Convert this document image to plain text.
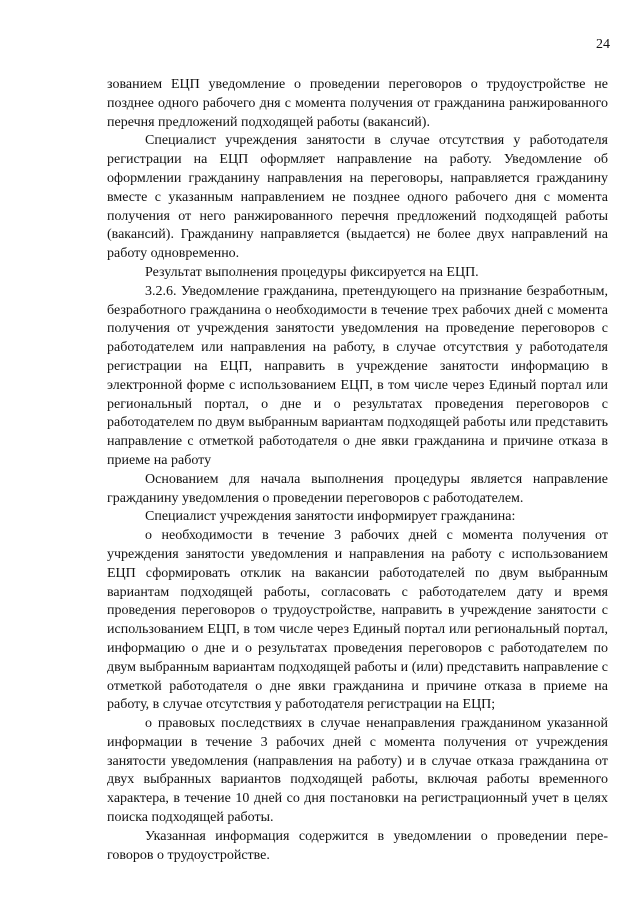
24

зованием ЕЦП уведомление о проведении переговоров о трудоустройстве не позднее одного рабочего дня с момента получения от гражданина ранжированного перечня предложений подходящей работы (вакансий).

Специалист учреждения занятости в случае отсутствия у работодателя регистрации на ЕЦП оформляет направление на работу. Уведомление об оформлении гражданину направления на переговоры, направляется гражданину вместе с указанным направлением не позднее одного рабочего дня с момента получения от него ранжированного перечня предложений подходящей работы (вакансий). Гражданину направляется (выдается) не более двух направлений на работу одновременно.

Результат выполнения процедуры фиксируется на ЕЦП.

3.2.6. Уведомление гражданина, претендующего на признание безработным, безработного гражданина о необходимости в течение трех рабочих дней с момента получения от учреждения занятости уведомления на проведение переговоров с работодателем или направления на работу, в случае отсутствия у работодателя регистрации на ЕЦП, направить в учреждение занятости информацию в электронной форме с использованием ЕЦП, в том числе через Единый портал или региональный портал, о дне и о результатах проведения переговоров с работодателем по двум выбранным вариантам подходящей работы или представить направление с отметкой работодателя о дне явки гражданина и причине отказа в приеме на работу

Основанием для начала выполнения процедуры является направление гражданину уведомления о проведении переговоров с работодателем.

Специалист учреждения занятости информирует гражданина:

о необходимости в течение 3 рабочих дней с момента получения от учреждения занятости уведомления и направления на работу с использованием ЕЦП сформировать отклик на вакансии работодателей по двум выбранным вариантам подходящей работы, согласовать с работодателем дату и время проведения переговоров о трудоустройстве, направить в учреждение занятости с использованием ЕЦП, в том числе через Единый портал или региональный портал, информацию о дне и о результатах проведения переговоров с работодателем по двум выбранным вариантам подходящей работы и (или) представить направление с отметкой работодателя о дне явки гражданина и причине отказа в приеме на работу, в случае отсутствия у работодателя регистрации на ЕЦП;

о правовых последствиях в случае ненаправления гражданином указанной информации в течение 3 рабочих дней с момента получения от учреждения занятости уведомления (направления на работу) и в случае отказа гражданина от двух выбранных вариантов подходящей работы, включая работы временного характера, в течение 10 дней со дня постановки на регистрационный учет в целях поиска подходящей работы.

Указанная информация содержится в уведомлении о проведении переговоров о трудоустройстве.
